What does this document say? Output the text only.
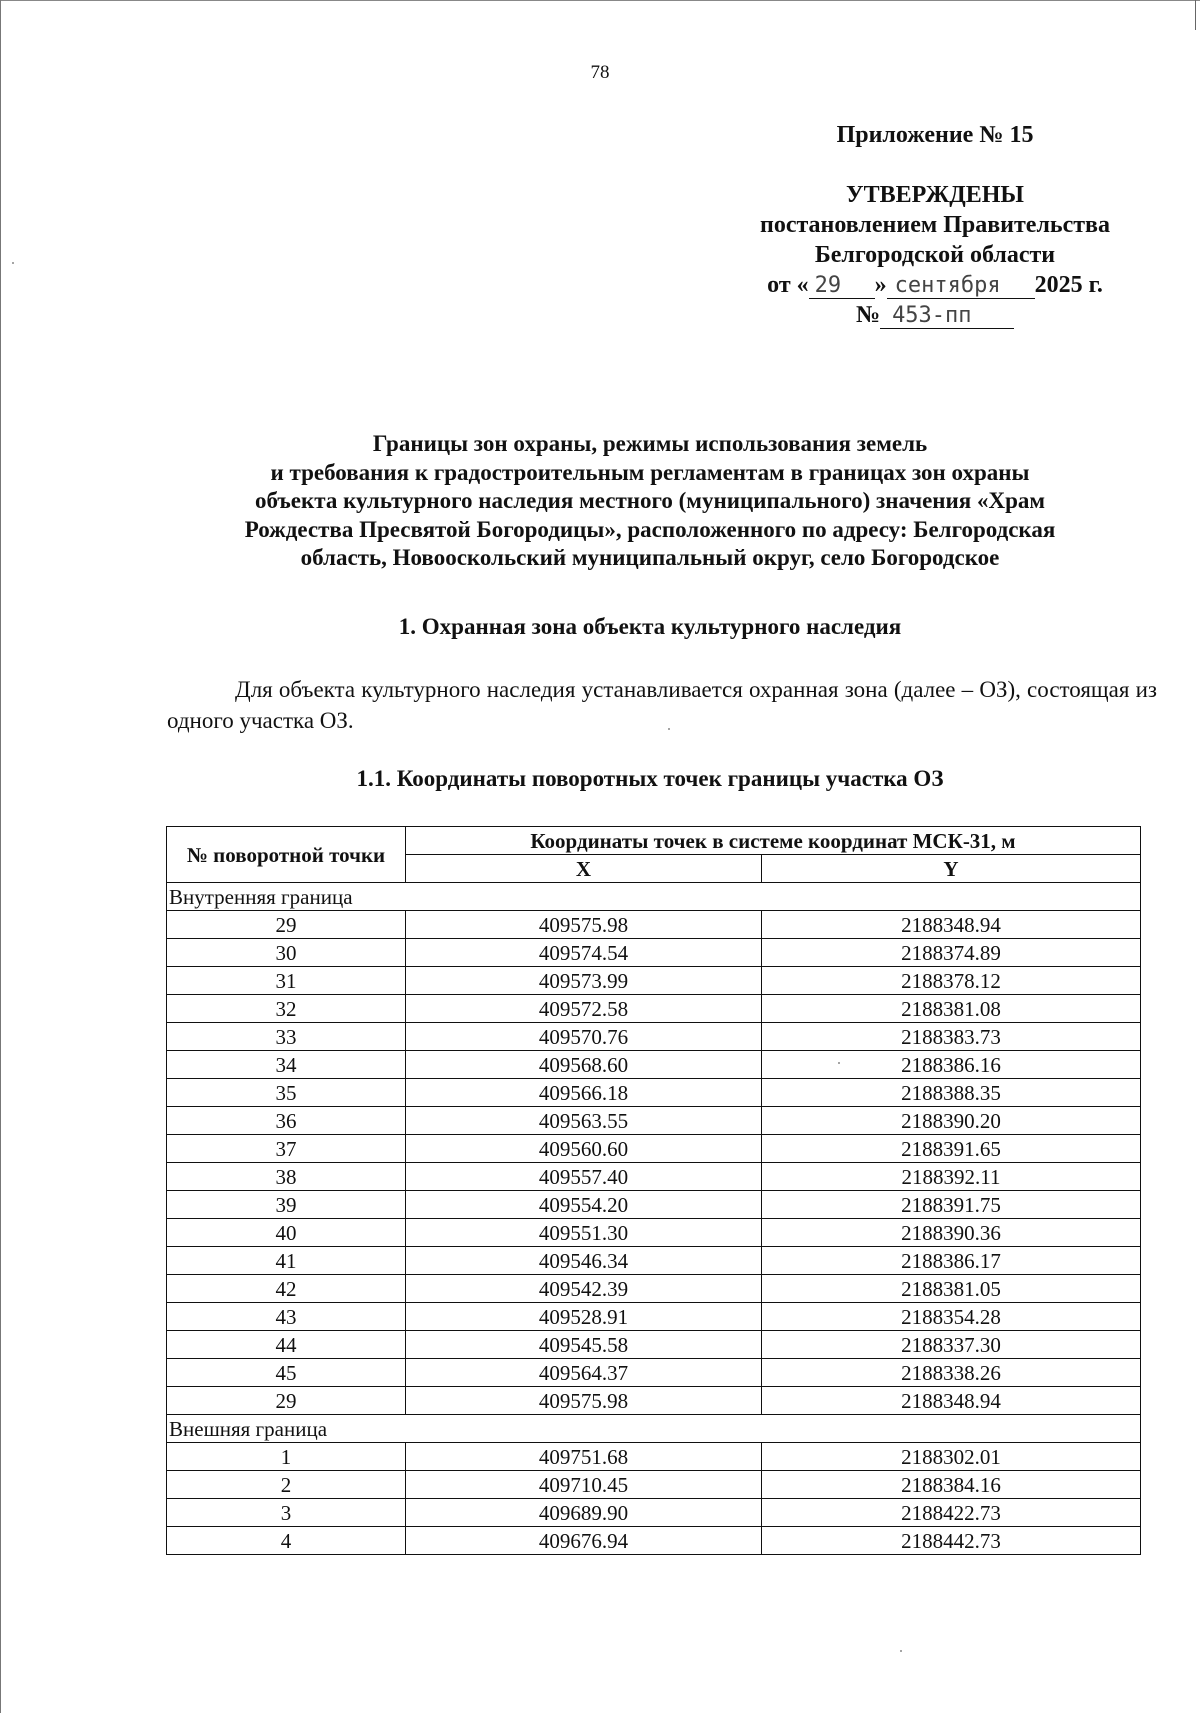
78
Приложение № 15
УТВЕРЖДЕНЫ
постановлением Правительства
Белгородской области
от « 29 » сентября 2025 г.
№ 453-пп
Границы зон охраны, режимы использования земель
и требования к градостроительным регламентам в границах зон охраны
объекта культурного наследия местного (муниципального) значения «Храм
Рождества Пресвятой Богородицы», расположенного по адресу: Белгородская
область, Новооскольский муниципальный округ, село Богородское
1. Охранная зона объекта культурного наследия
Для объекта культурного наследия устанавливается охранная зона (далее – ОЗ), состоящая из одного участка ОЗ.
1.1. Координаты поворотных точек границы участка ОЗ
№ поворотной точки	Координаты точек в системе координат МСК-31, м	
	X	Y
Внутренняя граница		
29	409575.98	2188348.94
30	409574.54	2188374.89
31	409573.99	2188378.12
32	409572.58	2188381.08
33	409570.76	2188383.73
34	409568.60	2188386.16
35	409566.18	2188388.35
36	409563.55	2188390.20
37	409560.60	2188391.65
38	409557.40	2188392.11
39	409554.20	2188391.75
40	409551.30	2188390.36
41	409546.34	2188386.17
42	409542.39	2188381.05
43	409528.91	2188354.28
44	409545.58	2188337.30
45	409564.37	2188338.26
29	409575.98	2188348.94
Внешняя граница		
1	409751.68	2188302.01
2	409710.45	2188384.16
3	409689.90	2188422.73
4	409676.94	2188442.73
